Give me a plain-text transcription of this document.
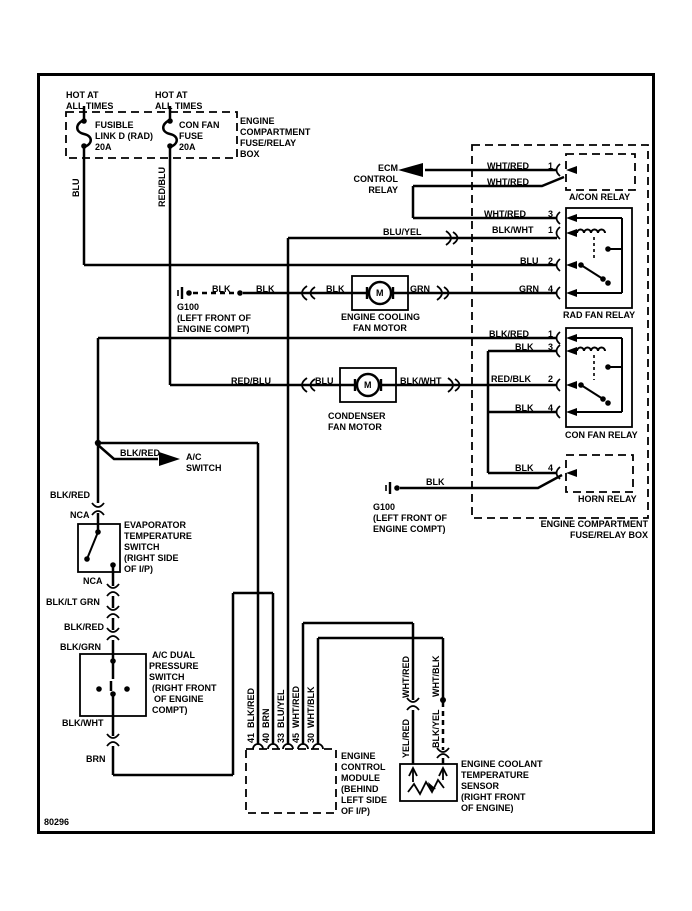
HOT AT
ALL TIMES
HOT AT
ALL TIMES
FUSIBLE
LINK D (RAD)
20A
CON FAN
FUSE
20A
ENGINE
COMPARTMENT
FUSE/RELAY
BOX
BLU	RED/BLU	ECM
CONTROL
RELAY
WHT/RED 1
WHT/RED
WHT/RED 3
BLU/YEL	BLK/WHT 1
BLU 2
GRN	GRN 4
A/CON RELAY
RAD FAN RELAY
BLK/RED 1
BLK 3
RED/BLK 2
BLK 4
CON FAN RELAY
BLK 4
BLK
HORN RELAY
ENGINE COMPARTMENT
FUSE/RELAY BOX
G100
(LEFT FRONT OF
ENGINE COMPT)
BLK	BLK	BLK
ENGINE COOLING
FAN MOTOR
M
RED/BLU	BLU	BLK/WHT
M
CONDENSER
FAN MOTOR
G100
(LEFT FRONT OF
ENGINE COMPT)
BLK/RED	A/C
SWITCH
BLK/RED
NCA
EVAPORATOR
TEMPERATURE
SWITCH
(RIGHT SIDE
OF I/P)
NCA
BLK/LT GRN
BLK/RED
BLK/GRN
A/C DUAL
PRESSURE
SWITCH
(RIGHT FRONT
OF ENGINE
COMPT)
BLK/WHT
BRN
41  BLK/RED 40  BRN 33  BLU/YEL 45  WHT/RED 30  WHT/BLK
ENGINE
CONTROL
MODULE
(BEHIND
LEFT SIDE
OF I/P)
WHT/RED
YEL/RED
WHT/BLK
BLK/YEL
ENGINE COOLANT
TEMPERATURE
SENSOR
(RIGHT FRONT
OF ENGINE)
80296
